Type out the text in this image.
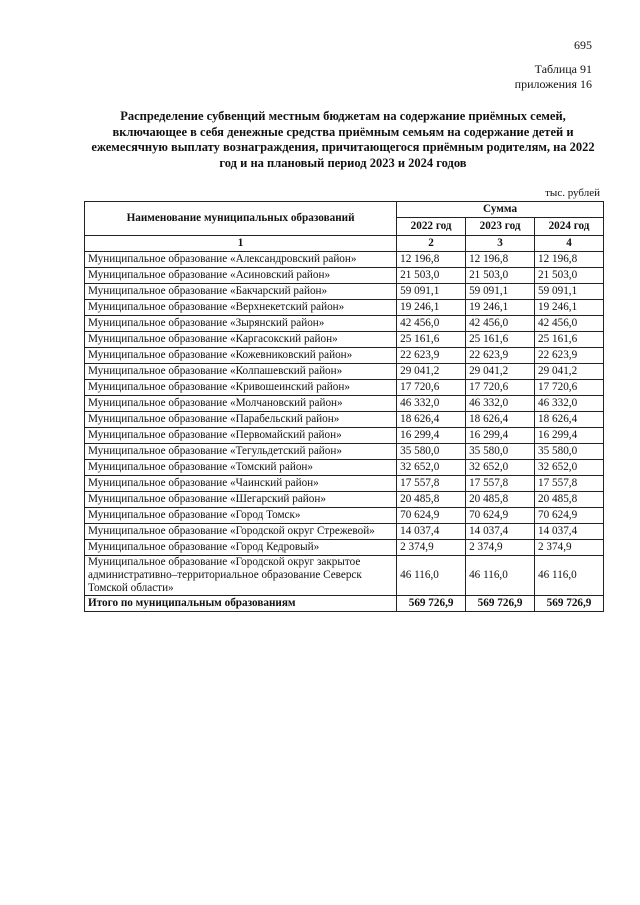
695
Таблица 91
приложения 16
Распределение субвенций местным бюджетам на содержание приёмных семей, включающее в себя денежные средства приёмным семьям на содержание детей и ежемесячную выплату вознаграждения, причитающегося приёмным родителям, на 2022 год и на плановый период 2023 и 2024 годов
тыс. рублей
Наименование муниципальных образований	Сумма		
	2022 год	2023 год	2024 год
1	2	3	4
Муниципальное образование «Александровский район»	12 196,8	12 196,8	12 196,8
Муниципальное образование «Асиновский район»	21 503,0	21 503,0	21 503,0
Муниципальное образование «Бакчарский район»	59 091,1	59 091,1	59 091,1
Муниципальное образование «Верхнекетский район»	19 246,1	19 246,1	19 246,1
Муниципальное образование «Зырянский район»	42 456,0	42 456,0	42 456,0
Муниципальное образование «Каргасокский район»	25 161,6	25 161,6	25 161,6
Муниципальное образование «Кожевниковский район»	22 623,9	22 623,9	22 623,9
Муниципальное образование «Колпашевский район»	29 041,2	29 041,2	29 041,2
Муниципальное образование «Кривошеинский район»	17 720,6	17 720,6	17 720,6
Муниципальное образование «Молчановский район»	46 332,0	46 332,0	46 332,0
Муниципальное образование «Парабельский район»	18 626,4	18 626,4	18 626,4
Муниципальное образование «Первомайский район»	16 299,4	16 299,4	16 299,4
Муниципальное образование «Тегульдетский район»	35 580,0	35 580,0	35 580,0
Муниципальное образование «Томский район»	32 652,0	32 652,0	32 652,0
Муниципальное образование «Чаинский район»	17 557,8	17 557,8	17 557,8
Муниципальное образование «Шегарский район»	20 485,8	20 485,8	20 485,8
Муниципальное образование «Город Томск»	70 624,9	70 624,9	70 624,9
Муниципальное образование «Городской округ Стрежевой»	14 037,4	14 037,4	14 037,4
Муниципальное образование «Город Кедровый»	2 374,9	2 374,9	2 374,9
Муниципальное образование «Городской округ закрытое административно–территориальное образование Северск Томской области»	46 116,0	46 116,0	46 116,0
Итого по муниципальным образованиям	569 726,9	569 726,9	569 726,9
